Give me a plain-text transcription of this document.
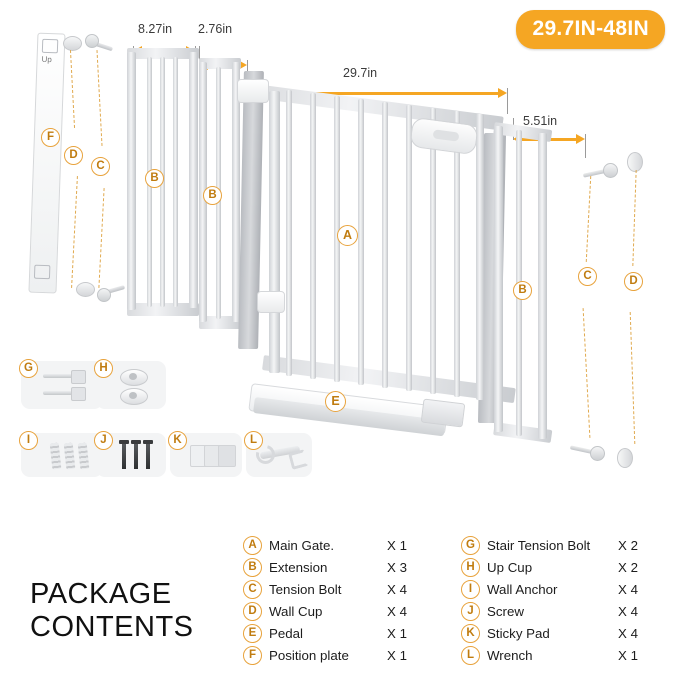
29.7IN-48IN
8.27in 2.76in
29.7in
5.51in
Up
F
D
C
B
B
A
B
C	D
E
G	H
I	J	K	L
PACKAGE
CONTENTS
A Main Gate.	X 1
B Extension	X 3
C Tension Bolt	X 4
D Wall Cup	X 4
E Pedal	X 1
F Position plate	X 1
G Stair Tension Bolt	X 2
H Up Cup	X 2
I	Wall Anchor	X 4
J Screw	X 4
K Sticky Pad	X 4
L Wrench	X 1
